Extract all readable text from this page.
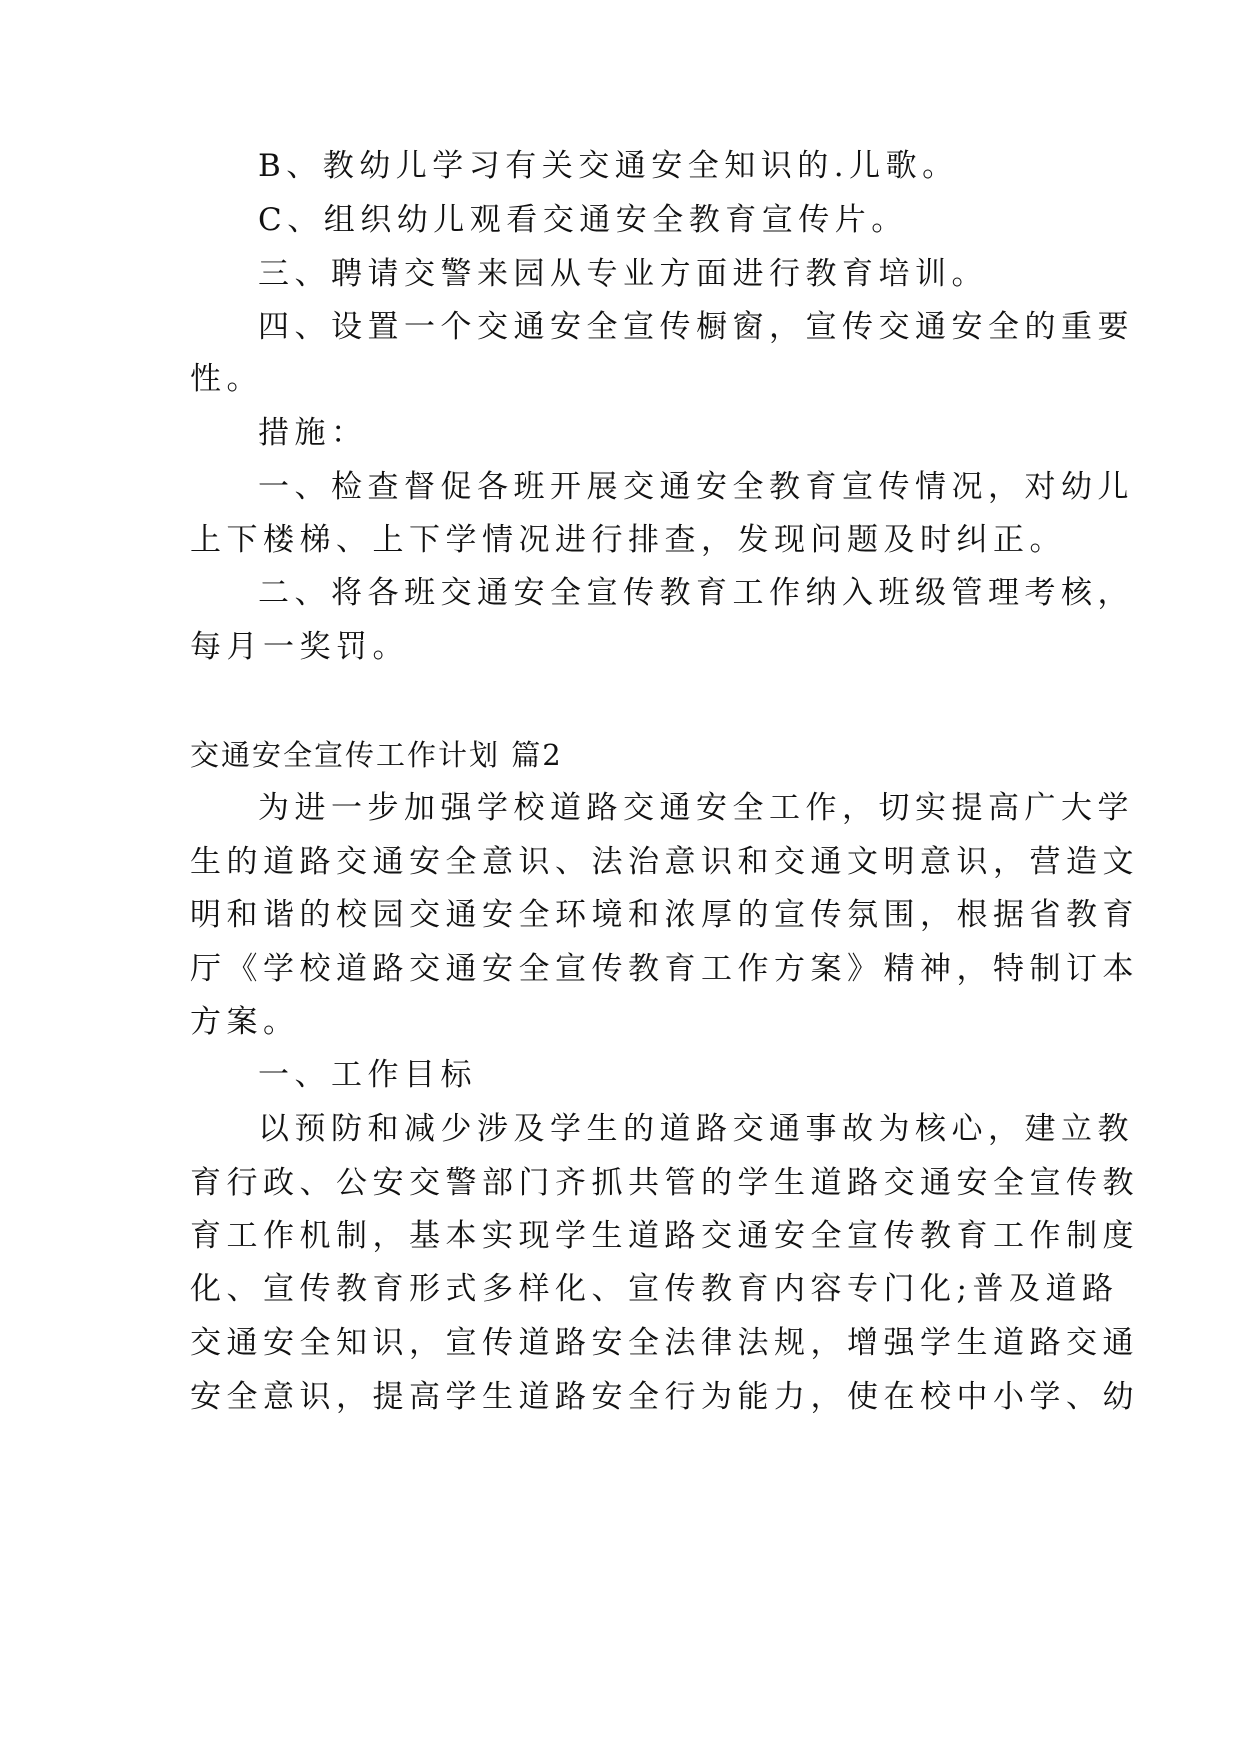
B、教幼儿学习有关交通安全知识的.儿歌。

C、组织幼儿观看交通安全教育宣传片。

三、聘请交警来园从专业方面进行教育培训。

四、设置一个交通安全宣传橱窗，宣传交通安全的重要

性。

措施：

一、检查督促各班开展交通安全教育宣传情况，对幼儿

上下楼梯、上下学情况进行排查，发现问题及时纠正。

二、将各班交通安全宣传教育工作纳入班级管理考核，

每月一奖罚。

交通安全宣传工作计划 篇2

为进一步加强学校道路交通安全工作，切实提高广大学

生的道路交通安全意识、法治意识和交通文明意识，营造文

明和谐的校园交通安全环境和浓厚的宣传氛围，根据省教育

厅《学校道路交通安全宣传教育工作方案》精神，特制订本

方案。

一、工作目标

以预防和减少涉及学生的道路交通事故为核心，建立教

育行政、公安交警部门齐抓共管的学生道路交通安全宣传教

育工作机制，基本实现学生道路交通安全宣传教育工作制度

化、宣传教育形式多样化、宣传教育内容专门化;普及道路

交通安全知识，宣传道路安全法律法规，增强学生道路交通

安全意识，提高学生道路安全行为能力，使在校中小学、幼
